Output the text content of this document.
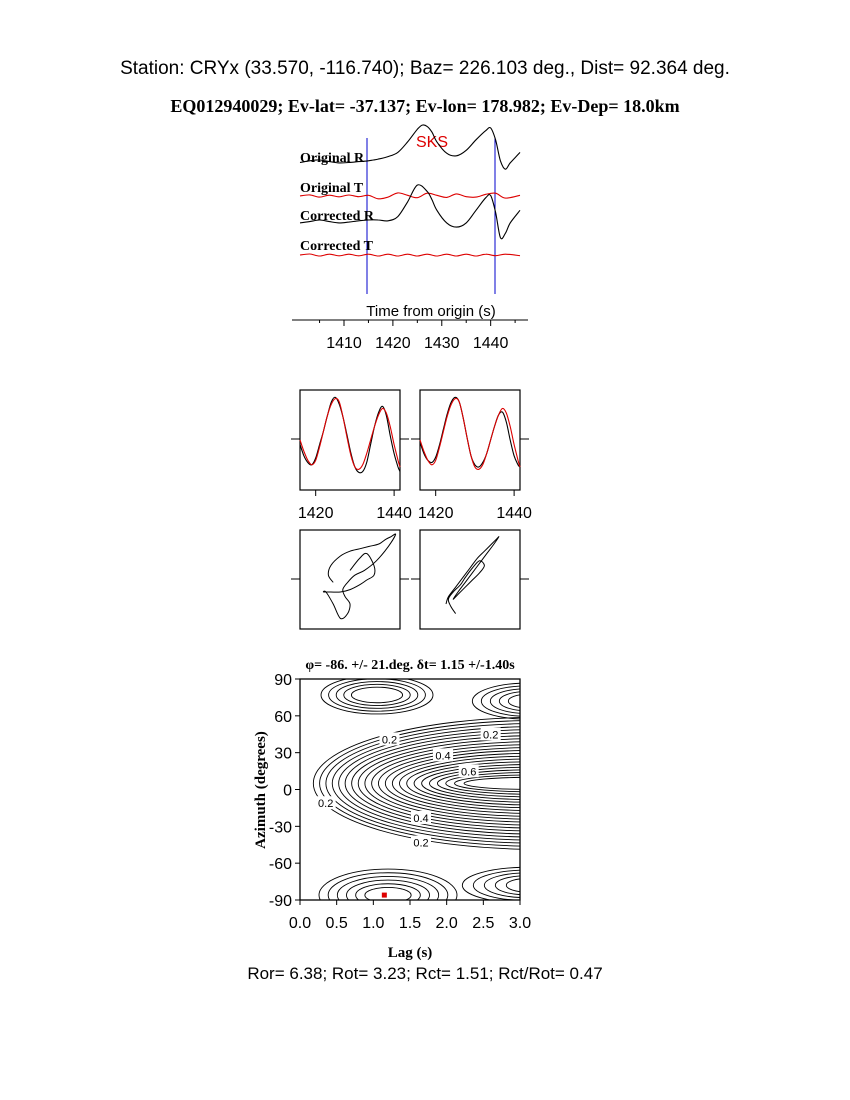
Station: CRYx (33.570, -116.740); Baz= 226.103 deg., Dist= 92.364 deg.
EQ012940029; Ev-lat= -37.137; Ev-lon= 178.982; Ev-Dep= 18.0km
SKS
Original R
Original T
Corrected R
Corrected T
Time from origin (s)
1410 1420 1430 1440
1420	1440 1420	1440
φ= -86. +/- 21.deg. δt= 1.15 +/-1.40s
0.0 0.5 1.0 1.5 2.0 2.5 3.0
90
60
30
0
-30
-60
-90
0.2
0.4
0.6
0.2
0.4
0.2
0.2
Lag (s)
Azimuth (degrees)
Ror= 6.38; Rot= 3.23; Rct= 1.51; Rct/Rot= 0.47
